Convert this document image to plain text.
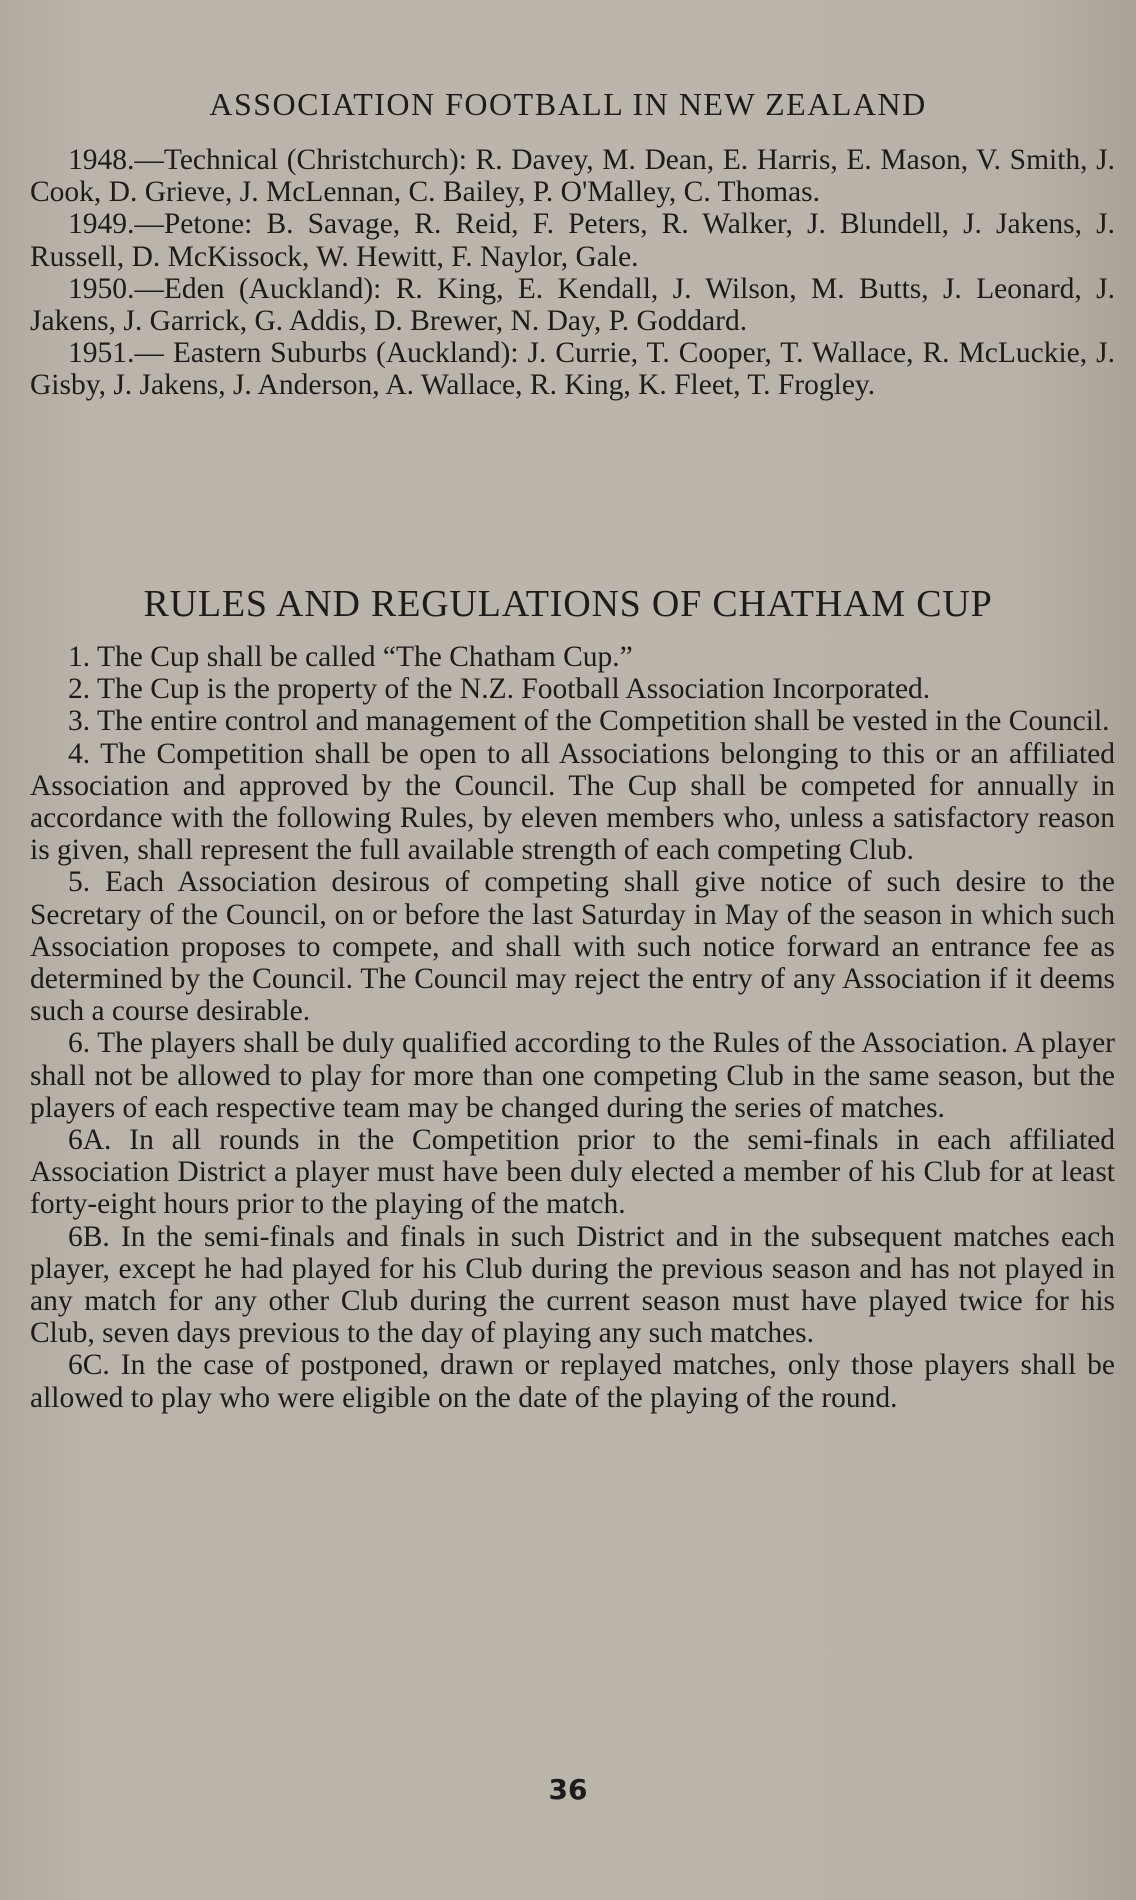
ASSOCIATION FOOTBALL IN NEW ZEALAND

1948.—Technical (Christchurch): R. Davey, M. Dean, E. Harris, E. Mason, V. Smith, J. Cook, D. Grieve, J. McLennan, C. Bailey, P. O'Malley, C. Thomas.

1949.—Petone: B. Savage, R. Reid, F. Peters, R. Walker, J. Blundell, J. Jakens, J. Russell, D. McKissock, W. Hewitt, F. Naylor, Gale.

1950.—Eden (Auckland): R. King, E. Kendall, J. Wilson, M. Butts, J. Leonard, J. Jakens, J. Garrick, G. Addis, D. Brewer, N. Day, P. Goddard.

1951.— Eastern Suburbs (Auckland): J. Currie, T. Cooper, T. Wallace, R. McLuckie, J. Gisby, J. Jakens, J. Anderson, A. Wallace, R. King, K. Fleet, T. Frogley.

RULES AND REGULATIONS OF CHATHAM CUP

1. The Cup shall be called “The Chatham Cup.”

2. The Cup is the property of the N.Z. Football Association Incorporated.

3. The entire control and management of the Competition shall be vested in the Council.

4. The Competition shall be open to all Associations belonging to this or an affiliated Association and approved by the Council. The Cup shall be competed for annually in accordance with the following Rules, by eleven members who, unless a satisfactory reason is given, shall represent the full available strength of each competing Club.

5. Each Association desirous of competing shall give notice of such desire to the Secretary of the Council, on or before the last Saturday in May of the season in which such Association proposes to compete, and shall with such notice forward an entrance fee as determined by the Council. The Council may reject the entry of any Association if it deems such a course desirable.

6. The players shall be duly qualified according to the Rules of the Association. A player shall not be allowed to play for more than one competing Club in the same season, but the players of each respective team may be changed during the series of matches.

6A. In all rounds in the Competition prior to the semi-finals in each affiliated Association District a player must have been duly elected a member of his Club for at least forty-eight hours prior to the playing of the match.

6B. In the semi-finals and finals in such District and in the subsequent matches each player, except he had played for his Club during the previous season and has not played in any match for any other Club during the current season must have played twice for his Club, seven days previous to the day of playing any such matches.

6C. In the case of postponed, drawn or replayed matches, only those players shall be allowed to play who were eligible on the date of the playing of the round.

36
